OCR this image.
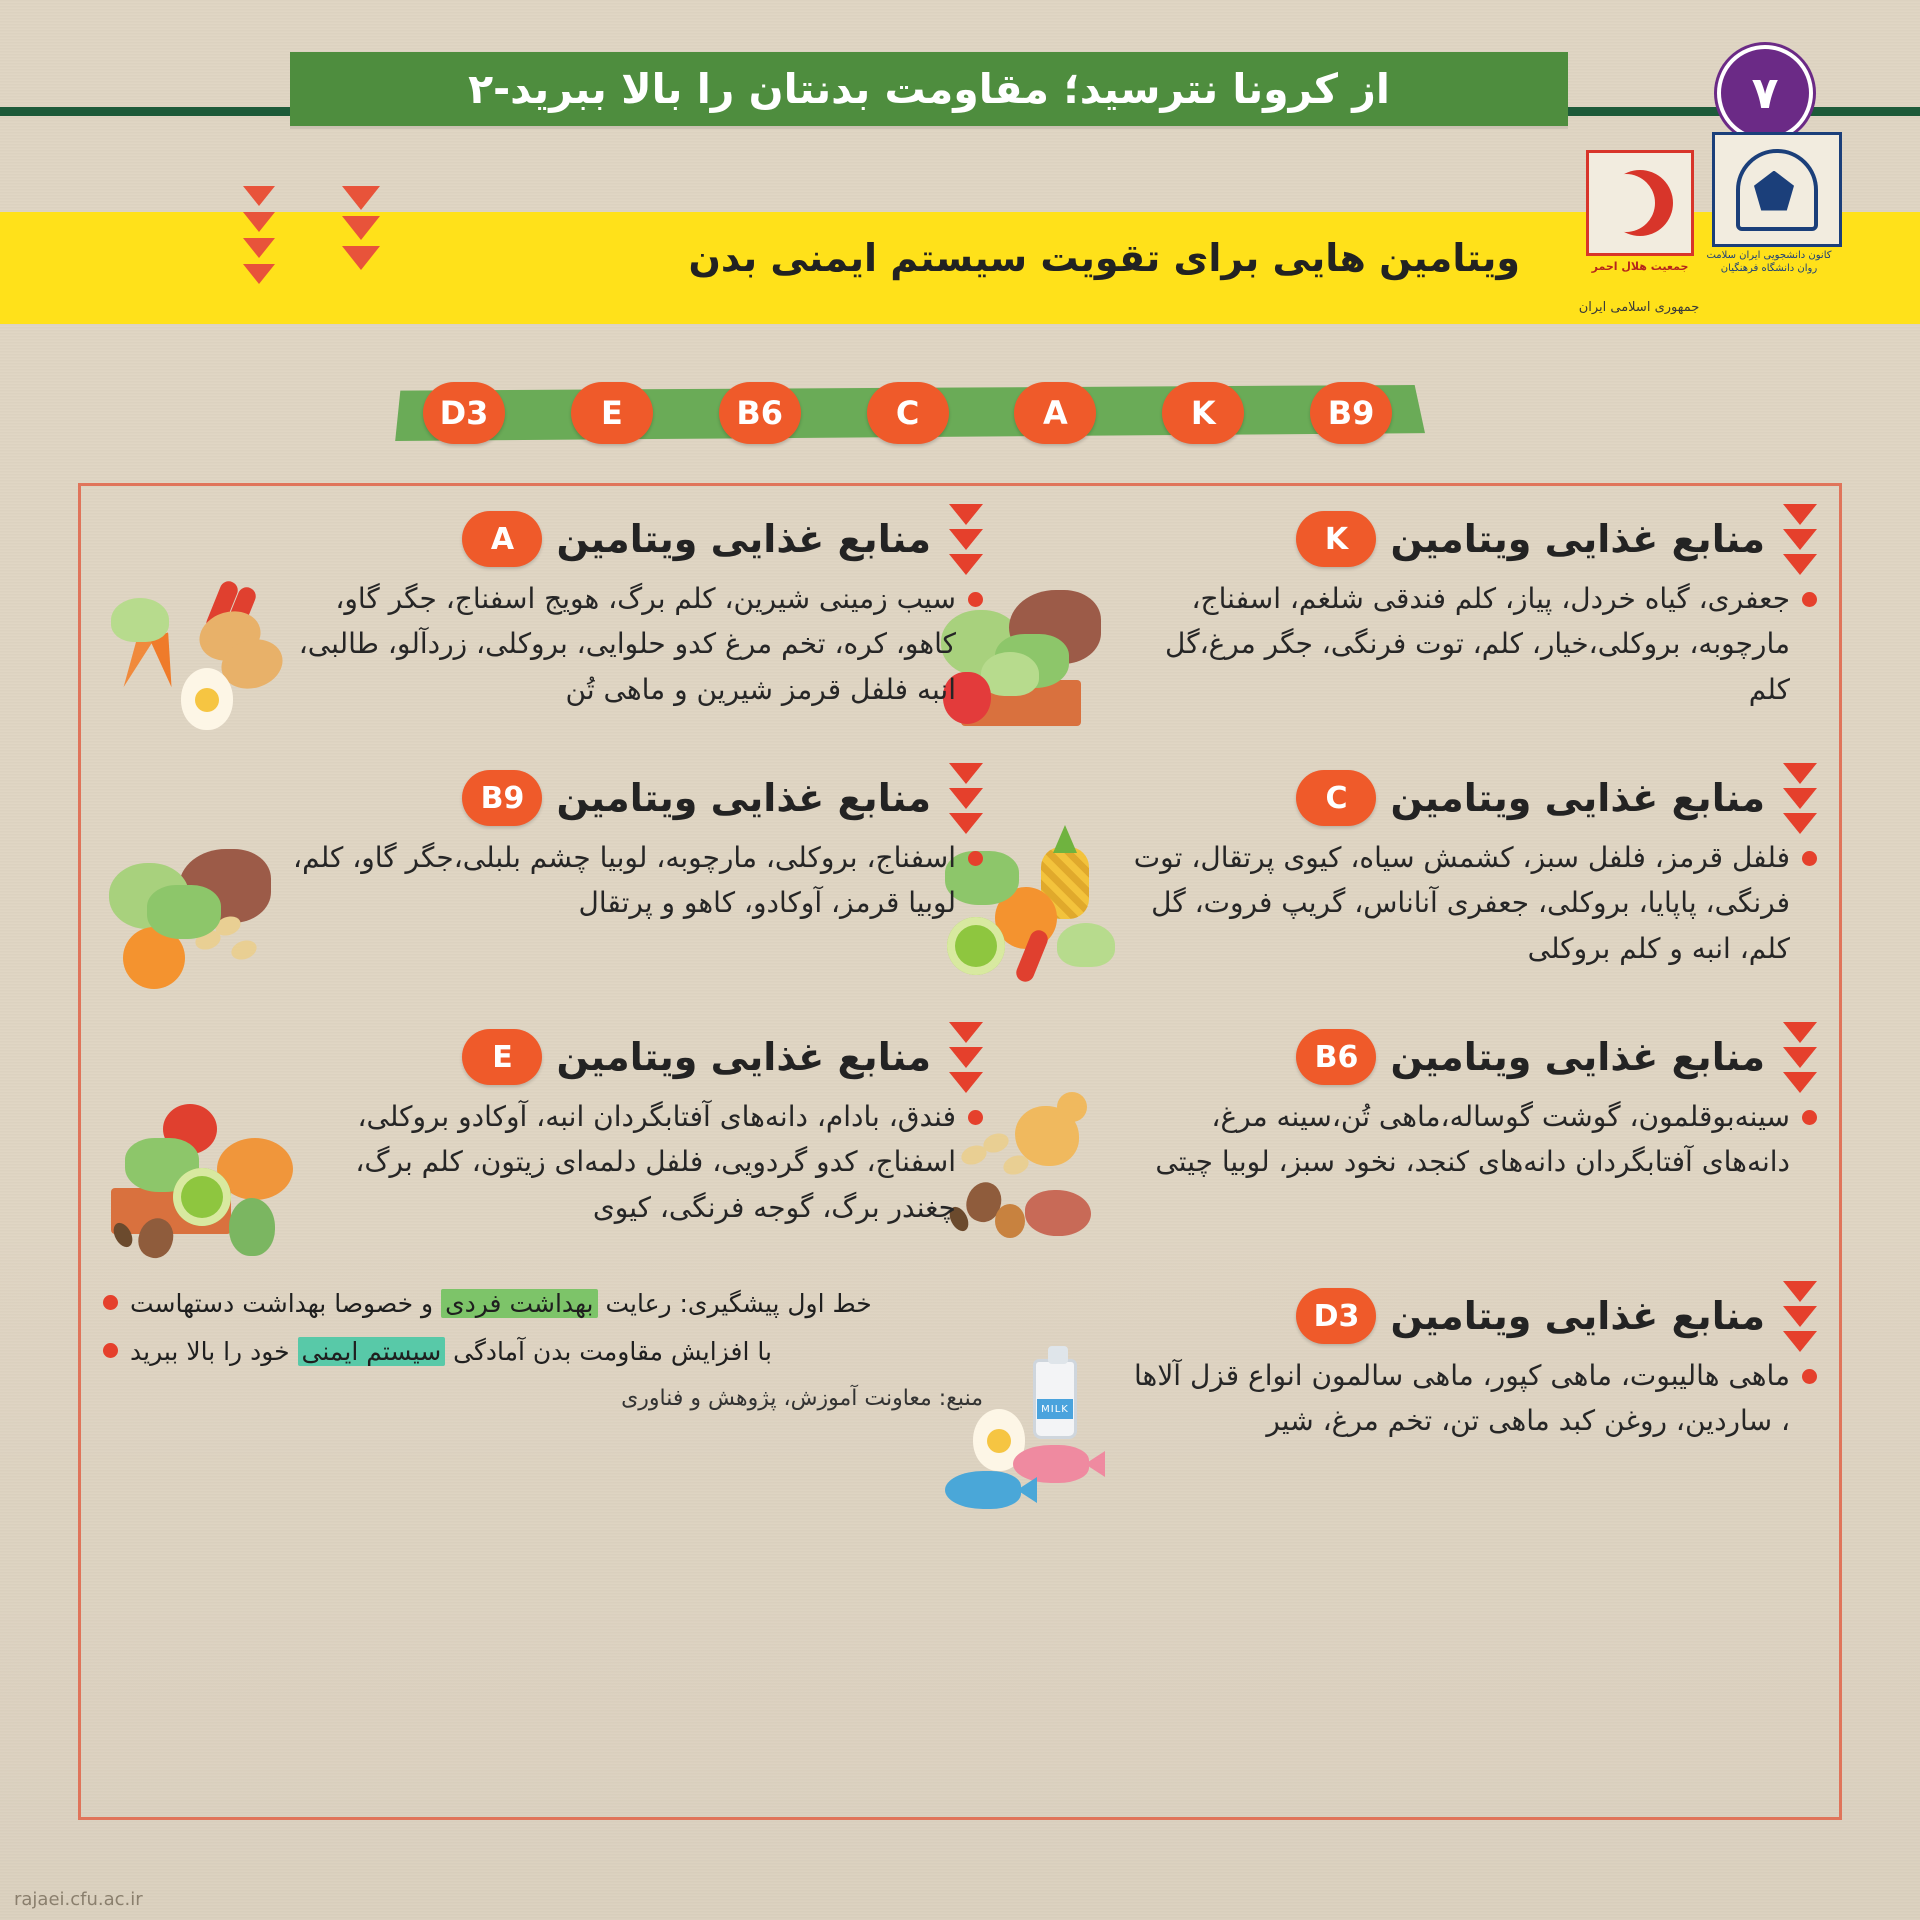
از کرونا نترسید؛ مقاومت بدنتان را بالا ببرید-۲	۷
ویتامین هایی برای تقویت سیستم ایمنی بدن	کانون دانشجویی ایران سلامت روان دانشگاه فرهنگیان
جمعیت هلال احمر
جمهوری اسلامی ایران
D3	E	B6	C	A	K	B9
منابع غذایی ویتامین
K
جعفری، گیاه خردل، پیاز، کلم فندقی شلغم، اسفناج، مارچوبه، بروکلی،خیار، کلم، توت فرنگی، جگر مرغ،گل کلم
منابع غذایی ویتامین
C
فلفل قرمز، فلفل سبز، کشمش سیاه، کیوی پرتقال، توت فرنگی، پاپایا، بروکلی، جعفری آناناس، گریپ فروت، گل کلم، انبه و کلم بروکلی
منابع غذایی ویتامین
B6
سینه‌بوقلمون، گوشت گوساله،ماهی تُن،سینه مرغ، دانه‌های آفتابگردان دانه‌های کنجد، نخود سبز، لوبیا چیتی
منابع غذایی ویتامین
D3
ماهی هالیبوت، ماهی کپور، ماهی سالمون انواع قزل آلاها ، ساردین، روغن کبد ماهی تن، تخم مرغ، شیر
MILK
منابع غذایی ویتامین
A
سیب زمینی شیرین، کلم برگ، هویج اسفناج، جگر گاو، کاهو، کره، تخم مرغ کدو حلوایی، بروکلی، زردآلو، طالبی، انبه فلفل قرمز شیرین و ماهی تُن
منابع غذایی ویتامین
B9
اسفناج، بروکلی، مارچوبه، لوبیا چشم بلبلی،جگر گاو، کلم، لوبیا قرمز، آوکادو، کاهو و پرتقال
منابع غذایی ویتامین
E
فندق، بادام، دانه‌های آفتابگردان انبه، آوکادو بروکلی، اسفناج، کدو گردویی، فلفل دلمه‌ای زیتون، کلم برگ، چغندر برگ، گوجه فرنگی، کیوی
خط اول پیشگیری: رعایت بهداشت فردی و خصوصا بهداشت دستهاست
با افزایش مقاومت بدن آمادگی سیستم ایمنی خود را بالا ببرید
منبع: معاونت آموزش، پژوهش و فناوری
rajaei.cfu.ac.ir
